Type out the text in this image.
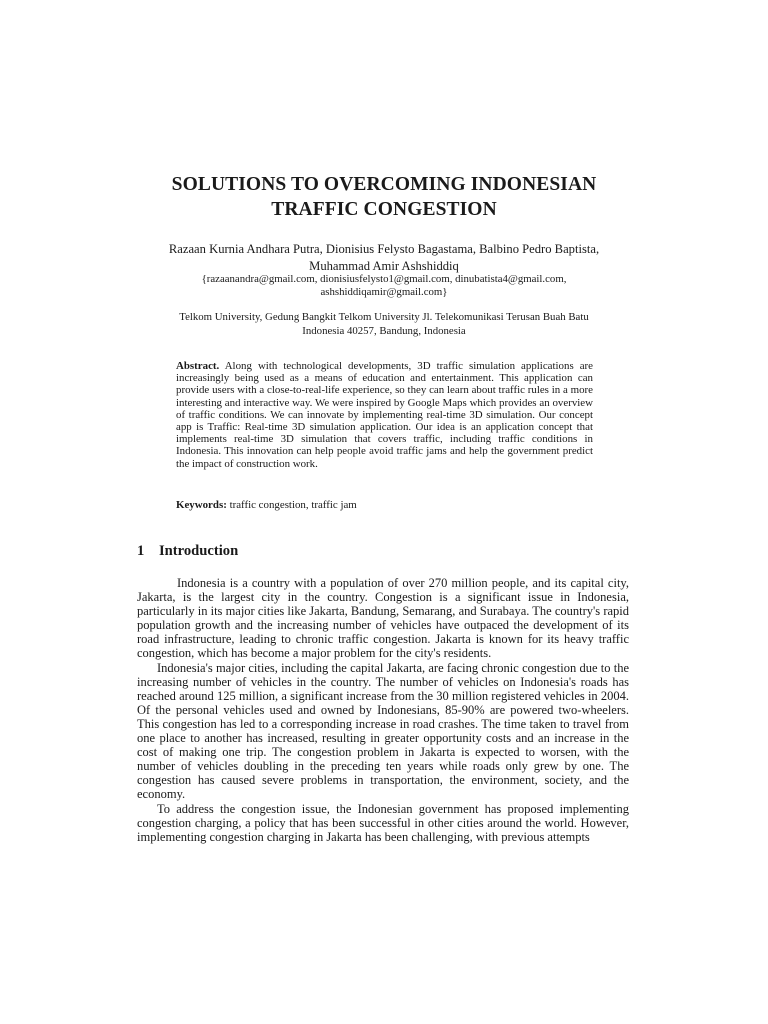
SOLUTIONS TO OVERCOMING INDONESIAN
TRAFFIC CONGESTION
Razaan Kurnia Andhara Putra, Dionisius Felysto Bagastama, Balbino Pedro Baptista,
Muhammad Amir Ashshiddiq
{razaanandra@gmail.com, dionisiusfelysto1@gmail.com, dinubatista4@gmail.com,
ashshiddiqamir@gmail.com}
Telkom University, Gedung Bangkit Telkom University Jl. Telekomunikasi Terusan Buah Batu
Indonesia 40257, Bandung, Indonesia

Abstract. Along with technological developments, 3D traffic simulation applications are increasingly being used as a means of education and entertainment. This application can provide users with a close-to-real-life experience, so they can learn about traffic rules in a more interesting and interactive way. We were inspired by Google Maps which provides an overview of traffic conditions. We can innovate by implementing real-time 3D simulation. Our concept app is Traffic: Real-time 3D simulation application. Our idea is an application concept that implements real-time 3D simulation that covers traffic, including traffic conditions in Indonesia. This innovation can help people avoid traffic jams and help the government predict the impact of construction work.

Keywords: traffic congestion, traffic jam
1 Introduction

Indonesia is a country with a population of over 270 million people, and its capital city, Jakarta, is the largest city in the country. Congestion is a significant issue in Indonesia, particularly in its major cities like Jakarta, Bandung, Semarang, and Surabaya. The country's rapid population growth and the increasing number of vehicles have outpaced the development of its road infrastructure, leading to chronic traffic congestion. Jakarta is known for its heavy traffic congestion, which has become a major problem for the city's residents.

Indonesia's major cities, including the capital Jakarta, are facing chronic congestion due to the increasing number of vehicles in the country. The number of vehicles on Indonesia's roads has reached around 125 million, a significant increase from the 30 million registered vehicles in 2004. Of the personal vehicles used and owned by Indonesians, 85-90% are powered two-wheelers. This congestion has led to a corresponding increase in road crashes. The time taken to travel from one place to another has increased, resulting in greater opportunity costs and an increase in the cost of making one trip. The congestion problem in Jakarta is expected to worsen, with the number of vehicles doubling in the preceding ten years while roads only grew by one. The congestion has caused severe problems in transportation, the environment, society, and the economy.

To address the congestion issue, the Indonesian government has proposed implementing congestion charging, a policy that has been successful in other cities around the world. However, implementing congestion charging in Jakarta has been challenging, with previous attempts
